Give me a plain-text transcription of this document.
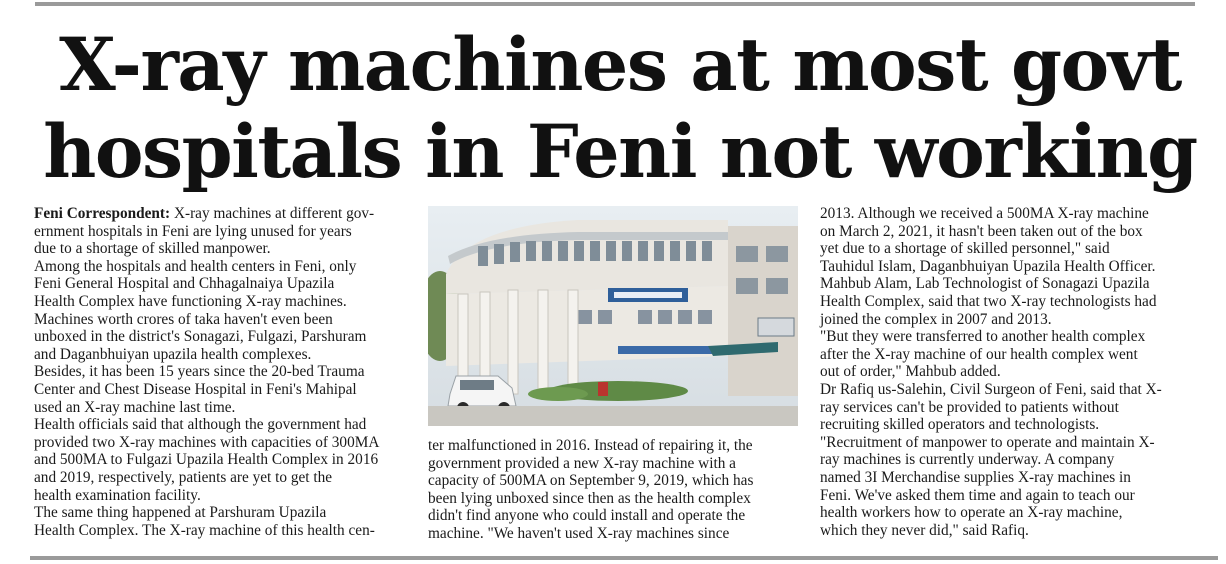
X-ray machines at most govt
hospitals in Feni not working

Feni Correspondent: X-ray machines at different gov-

ernment hospitals in Feni are lying unused for years

due to a shortage of skilled manpower.

Among the hospitals and health centers in Feni, only

Feni General Hospital and Chhagalnaiya Upazila

Health Complex have functioning X-ray machines.

Machines worth crores of taka haven't even been

unboxed in the district's Sonagazi, Fulgazi, Parshuram

and Daganbhuiyan upazila health complexes.

Besides, it has been 15 years since the 20-bed Trauma

Center and Chest Disease Hospital in Feni's Mahipal

used an X-ray machine last time.

Health officials said that although the government had

provided two X-ray machines with capacities of 300MA

and 500MA to Fulgazi Upazila Health Complex in 2016

and 2019, respectively, patients are yet to get the

health examination facility.

The same thing happened at Parshuram Upazila

Health Complex. The X-ray machine of this health cen-

ter malfunctioned in 2016. Instead of repairing it, the

government provided a new X-ray machine with a

capacity of 500MA on September 9, 2019, which has

been lying unboxed since then as the health complex

didn't find anyone who could install and operate the

machine. "We haven't used X-ray machines since

2013. Although we received a 500MA X-ray machine

on March 2, 2021, it hasn't been taken out of the box

yet due to a shortage of skilled personnel," said

Tauhidul Islam, Daganbhuiyan Upazila Health Officer.

Mahbub Alam, Lab Technologist of Sonagazi Upazila

Health Complex, said that two X-ray technologists had

joined the complex in 2007 and 2013.

"But they were transferred to another health complex

after the X-ray machine of our health complex went

out of order," Mahbub added.

Dr Rafiq us-Salehin, Civil Surgeon of Feni, said that X-

ray services can't be provided to patients without

recruiting skilled operators and technologists.

"Recruitment of manpower to operate and maintain X-

ray machines is currently underway. A company

named 3I Merchandise supplies X-ray machines in

Feni. We've asked them time and again to teach our

health workers how to operate an X-ray machine,

which they never did," said Rafiq.
